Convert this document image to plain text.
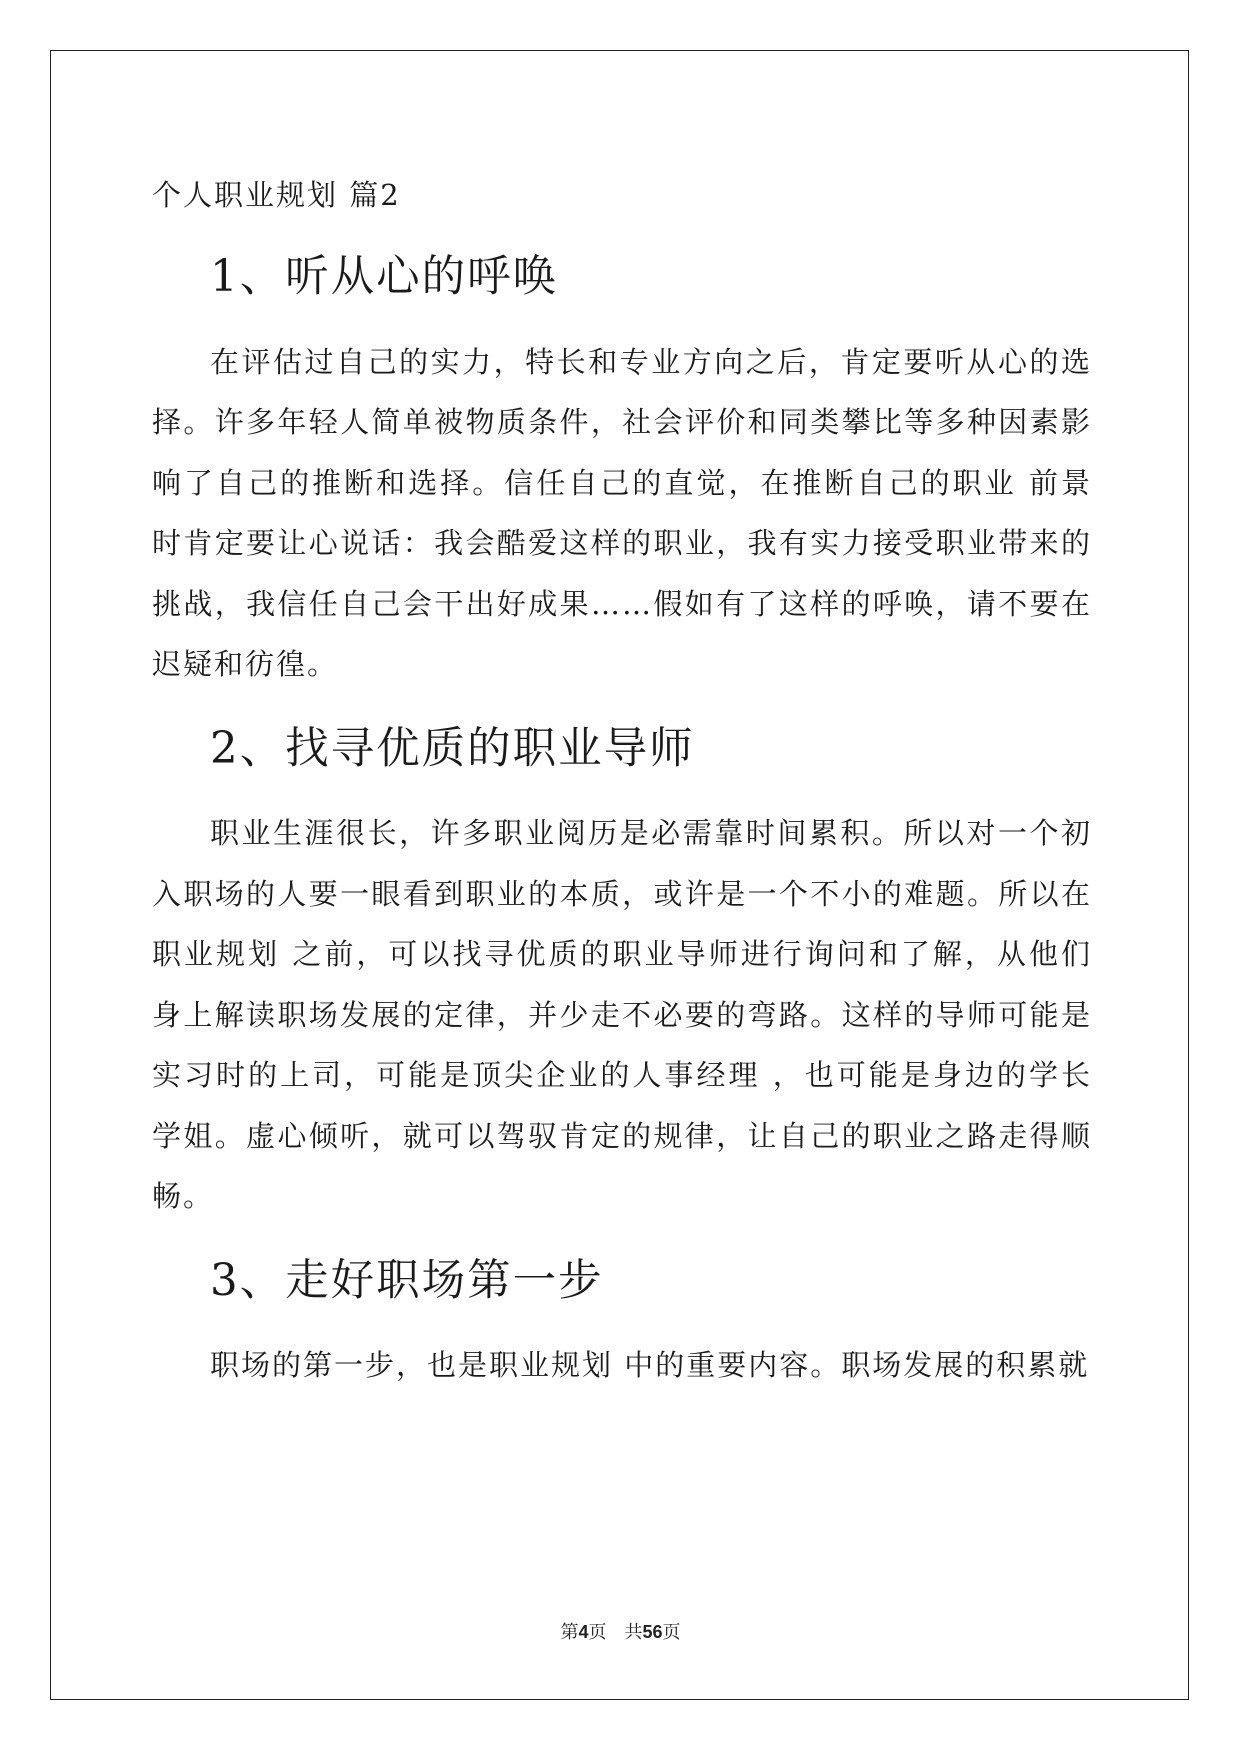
个人职业规划 篇2
1、听从心的呼唤

在评估过自己的实力，特长和专业方向之后，肯定要听从心的选择。许多年轻人简单被物质条件，社会评价和同类攀比等多种因素影响了自己的推断和选择。信任自己的直觉，在推断自己的职业 前景时肯定要让心说话：我会酷爱这样的职业，我有实力接受职业带来的挑战，我信任自己会干出好成果……假如有了这样的呼唤，请不要在迟疑和彷徨。

2、找寻优质的职业导师

职业生涯很长，许多职业阅历是必需靠时间累积。所以对一个初入职场的人要一眼看到职业的本质，或许是一个不小的难题。所以在职业规划 之前，可以找寻优质的职业导师进行询问和了解，从他们身上解读职场发展的定律，并少走不必要的弯路。这样的导师可能是实习时的上司，可能是顶尖企业的人事经理 ，也可能是身边的学长学姐。虚心倾听，就可以驾驭肯定的规律，让自己的职业之路走得顺畅。

3、走好职场第一步

职场的第一步，也是职业规划 中的重要内容。职场发展的积累就

第4页 共56页
